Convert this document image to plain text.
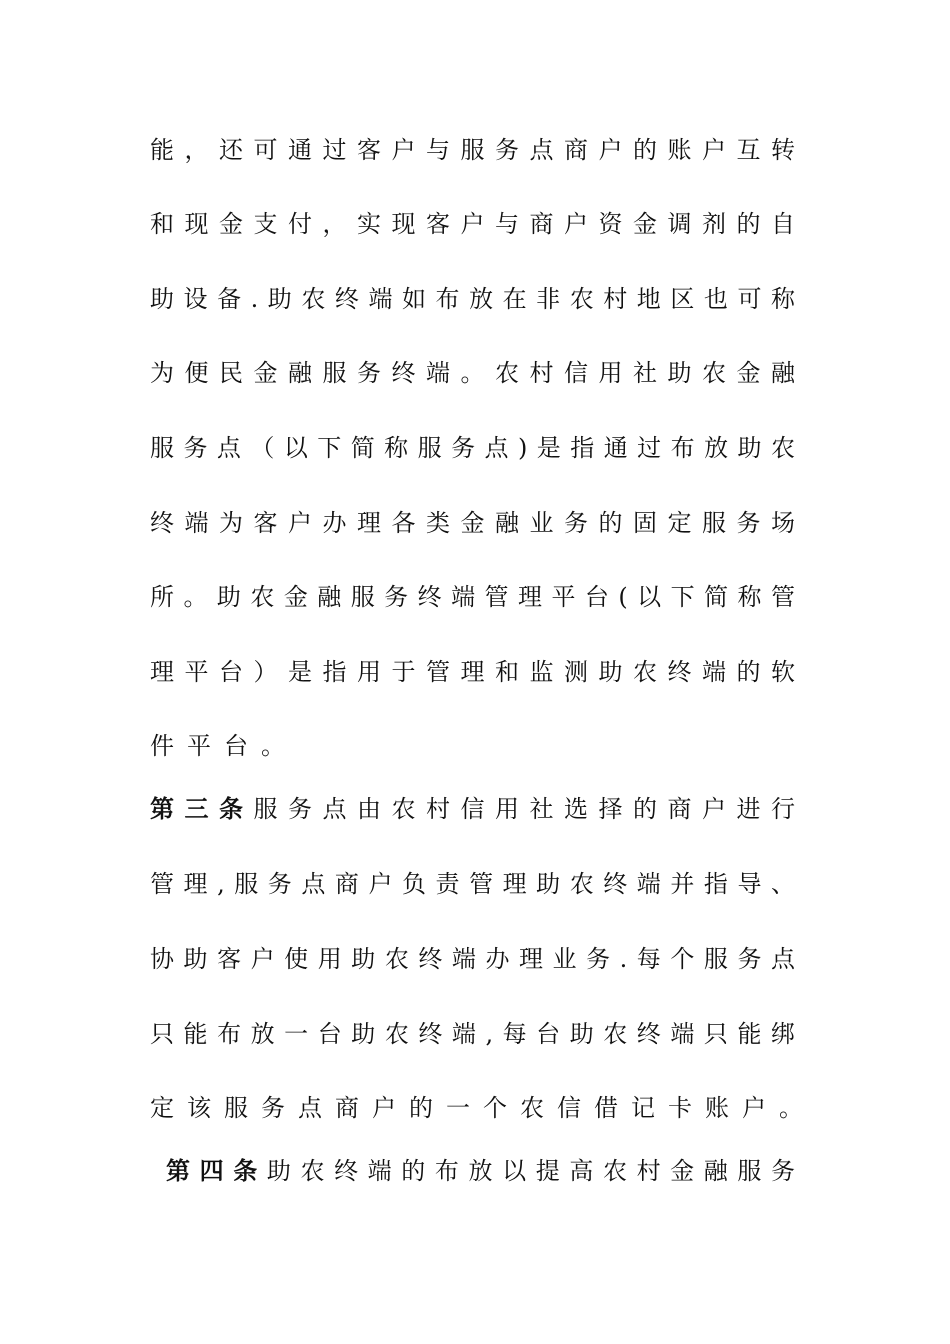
能，还可通过客户与服务点商户的账户互转
和现金支付，实现客户与商户资金调剂的自
助设备.助农终端如布放在非农村地区也可称
为便民金融服务终端。农村信用社助农金融
服务点（以下简称服务点)是指通过布放助农
终端为客户办理各类金融业务的固定服务场
所。助农金融服务终端管理平台(以下简称管
理平台）是指用于管理和监测助农终端的软
件平台。
第三条服务点由农村信用社选择的商户进行
管理,服务点商户负责管理助农终端并指导、
协助客户使用助农终端办理业务.每个服务点
只能布放一台助农终端,每台助农终端只能绑
定该服务点商户的一个农信借记卡账户。
第四条助农终端的布放以提高农村金融服务
